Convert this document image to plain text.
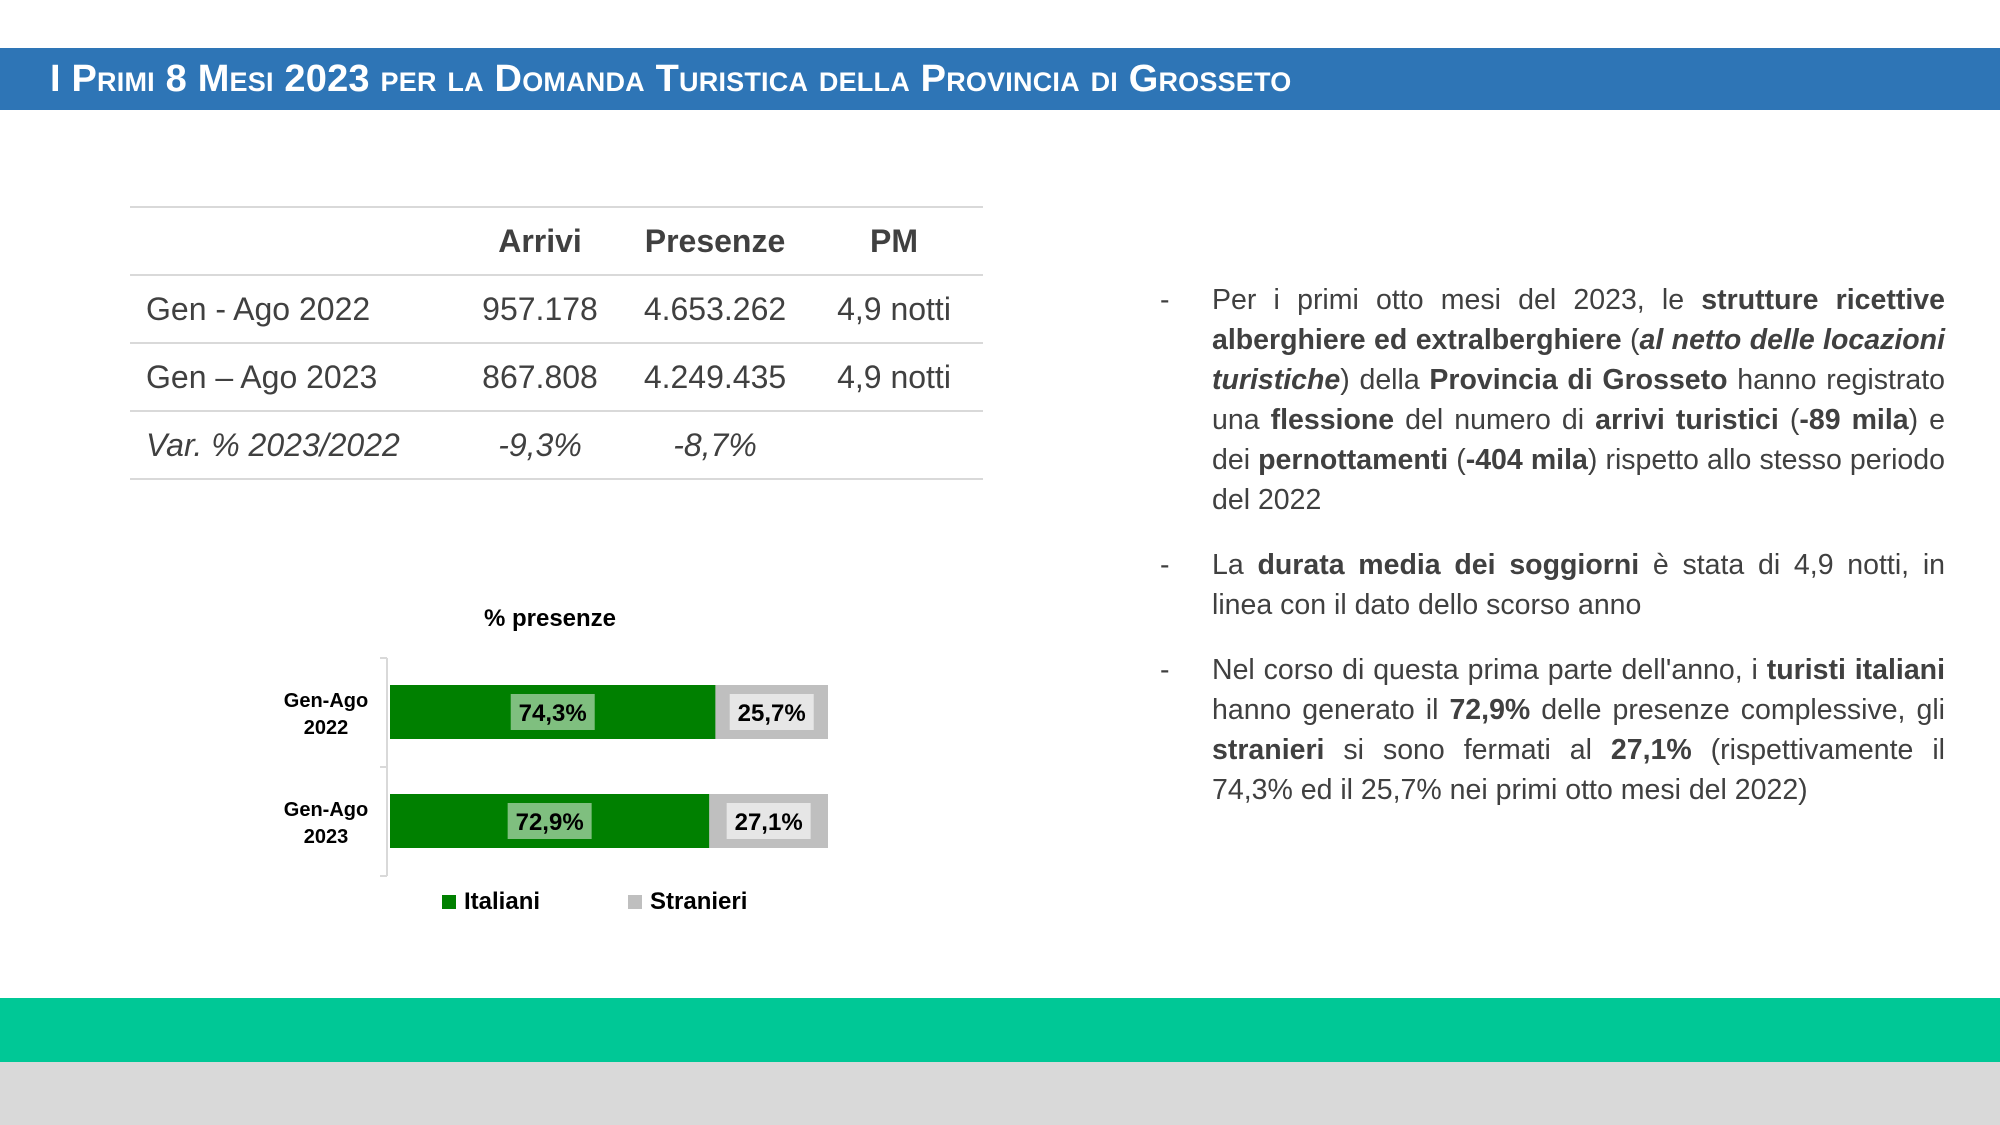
I Primi 8 Mesi 2023 per la Domanda Turistica della Provincia di Grosseto
	Arrivi	Presenze	PM
Gen - Ago 2022	957.178	4.653.262	4,9 notti
Gen – Ago 2023	867.808	4.249.435	4,9 notti
Var. % 2023/2022	-9,3%	-8,7%	
% presenze
Gen-Ago
2022
74,3%	25,7%
Gen-Ago
2023
72,9%	27,1%
Italiani	Stranieri
- Per i primi otto mesi del 2023, le strutture ricettive alberghiere ed extralberghiere (al netto delle locazioni turistiche) della Provincia di Grosseto hanno registrato una flessione del numero di arrivi turistici (-89 mila) e dei pernottamenti (-404 mila) rispetto allo stesso periodo del 2022
- La durata media dei soggiorni è stata di 4,9 notti, in linea con il dato dello scorso anno
- Nel corso di questa prima parte dell'anno, i turisti italiani hanno generato il 72,9% delle presenze complessive, gli stranieri si sono fermati al 27,1% (rispettivamente il 74,3% ed il 25,7% nei primi otto mesi del 2022)
